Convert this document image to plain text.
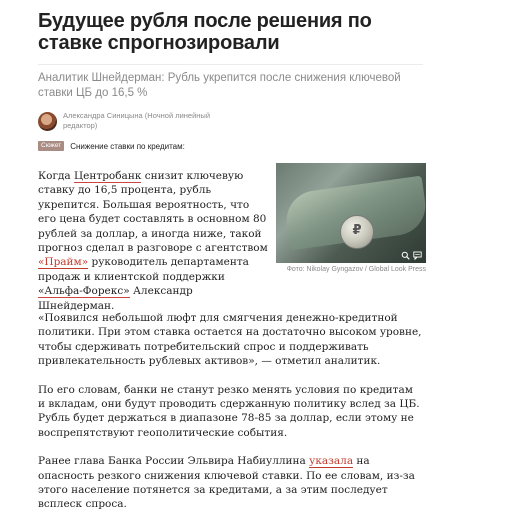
Будущее рубля после решения по ставке спрогнозировали
Аналитик Шнейдерман: Рубль укрепится после снижения ключевой ставки ЦБ до 16,5 %
Александра Синицына (Ночной линейный редактор)
Сюжет	Снижение ставки по кредитам:

Когда Центробанк снизит ключевую ставку до 16,5 процента, рубль укрепится. Большая вероятность, что его цена будет составлять в основном 80 рублей за доллар, а иногда ниже, такой прогноз сделал в разговоре с агентством «Прайм» руководитель департамента продаж и клиентской поддержки «Альфа-Форекс» Александр Шнейдерман.

₽
Фото: Nikolay Gyngazov / Global Look Press

«Появился небольшой люфт для смягчения денежно-кредитной политики. При этом ставка остается на достаточно высоком уровне, чтобы сдерживать потребительский спрос и поддерживать привлекательность рублевых активов», — отметил аналитик.

По его словам, банки не станут резко менять условия по кредитам и вкладам, они будут проводить сдержанную политику вслед за ЦБ. Рубль будет держаться в диапазоне 78-85 за доллар, если этому не воспрепятствуют геополитические события.

Ранее глава Банка России Эльвира Набиуллина указала на опасность резкого снижения ключевой ставки. По ее словам, из-за этого население потянется за кредитами, а за этим последует всплеск спроса.
